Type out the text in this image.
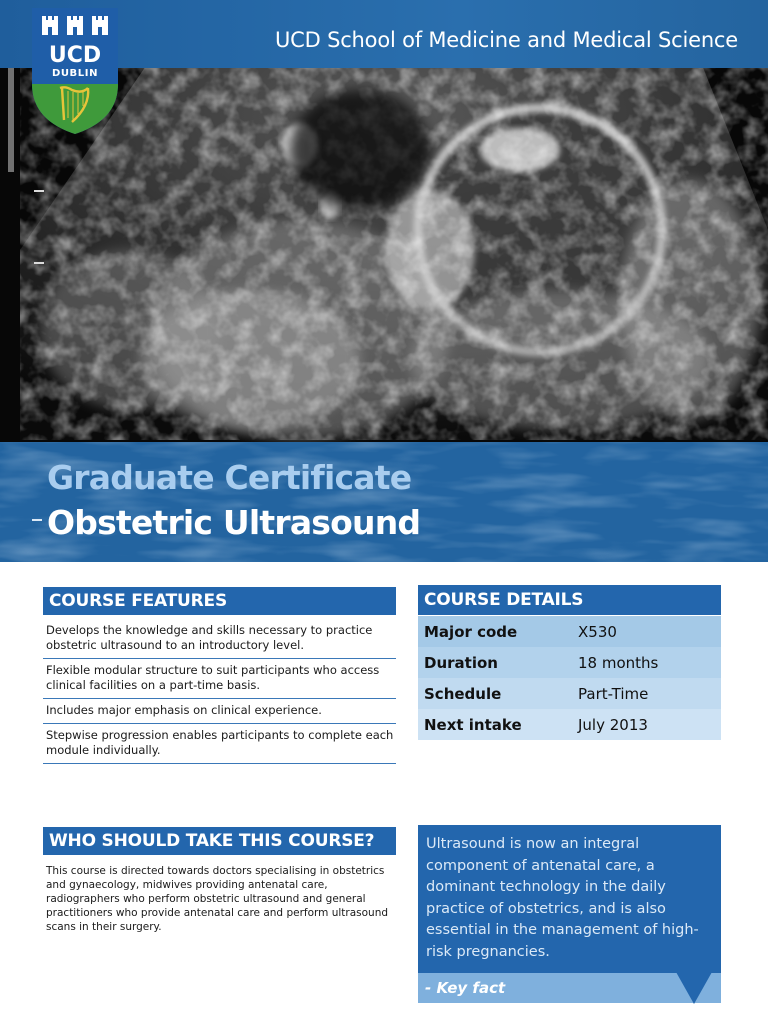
UCD School of Medicine and Medical Science
UCD
DUBLIN
Graduate Certificate
Obstetric Ultrasound
COURSE FEATURES
Develops the knowledge and skills necessary to practice obstetric ultrasound to an introductory level.
Flexible modular structure to suit participants who access clinical facilities on a part-time basis.
Includes major emphasis on clinical experience.
Stepwise progression enables participants to complete each module individually.
COURSE DETAILS
Major code	X530
Duration	18 months
Schedule	Part-Time
Next intake	July 2013
WHO SHOULD TAKE THIS COURSE?

This course is directed towards doctors specialising in obstetrics and gynaecology, midwives providing antenatal care, radiographers who perform obstetric ultrasound and general practitioners who provide antenatal care and perform ultrasound scans in their surgery.

Ultrasound is now an integral component of antenatal care, a dominant technology in the daily practice of obstetrics, and is also essential in the management of high-risk pregnancies.

- Key fact
